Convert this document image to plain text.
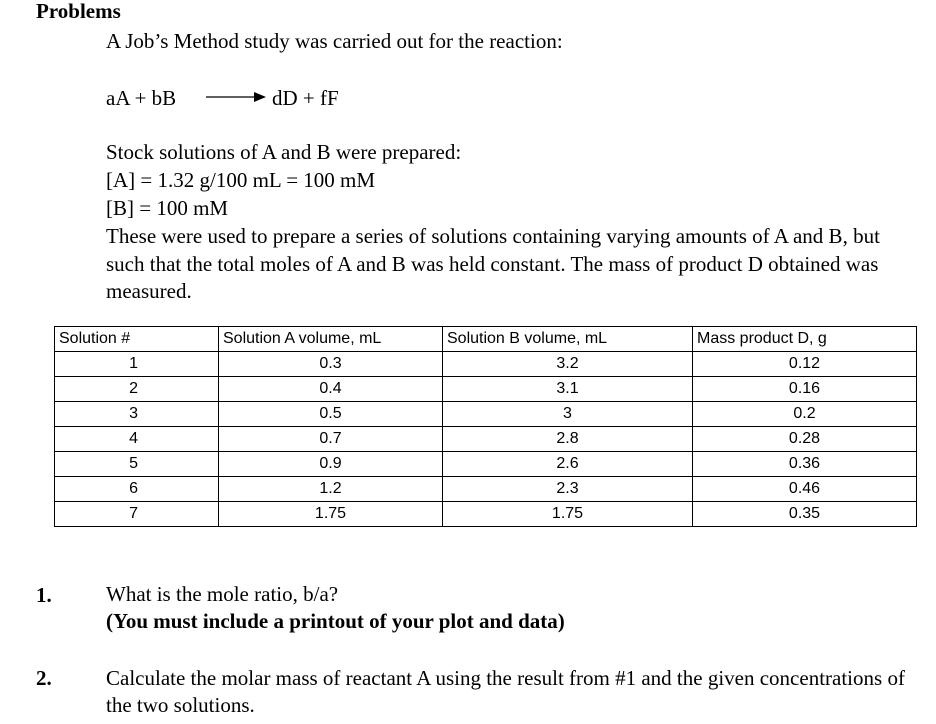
Problems
A Job’s Method study was carried out for the reaction:
aA + bB → dD + fF
Stock solutions of A and B were prepared:
[A] = 1.32 g/100 mL = 100 mM
[B] = 100 mM
These were used to prepare a series of solutions containing varying amounts of A and B, but such that the total moles of A and B was held constant. The mass of product D obtained was measured.
Solution #	Solution A volume, mL	Solution B volume, mL	Mass product D, g
1	0.3	3.2	0.12
2	0.4	3.1	0.16
3	0.5	3	0.2
4	0.7	2.8	0.28
5	0.9	2.6	0.36
6	1.2	2.3	0.46
7	1.75	1.75	0.35
1.	What is the mole ratio, b/a?
(You must include a printout of your plot and data)
2.	Calculate the molar mass of reactant A using the result from #1 and the given concentrations of the two solutions.
